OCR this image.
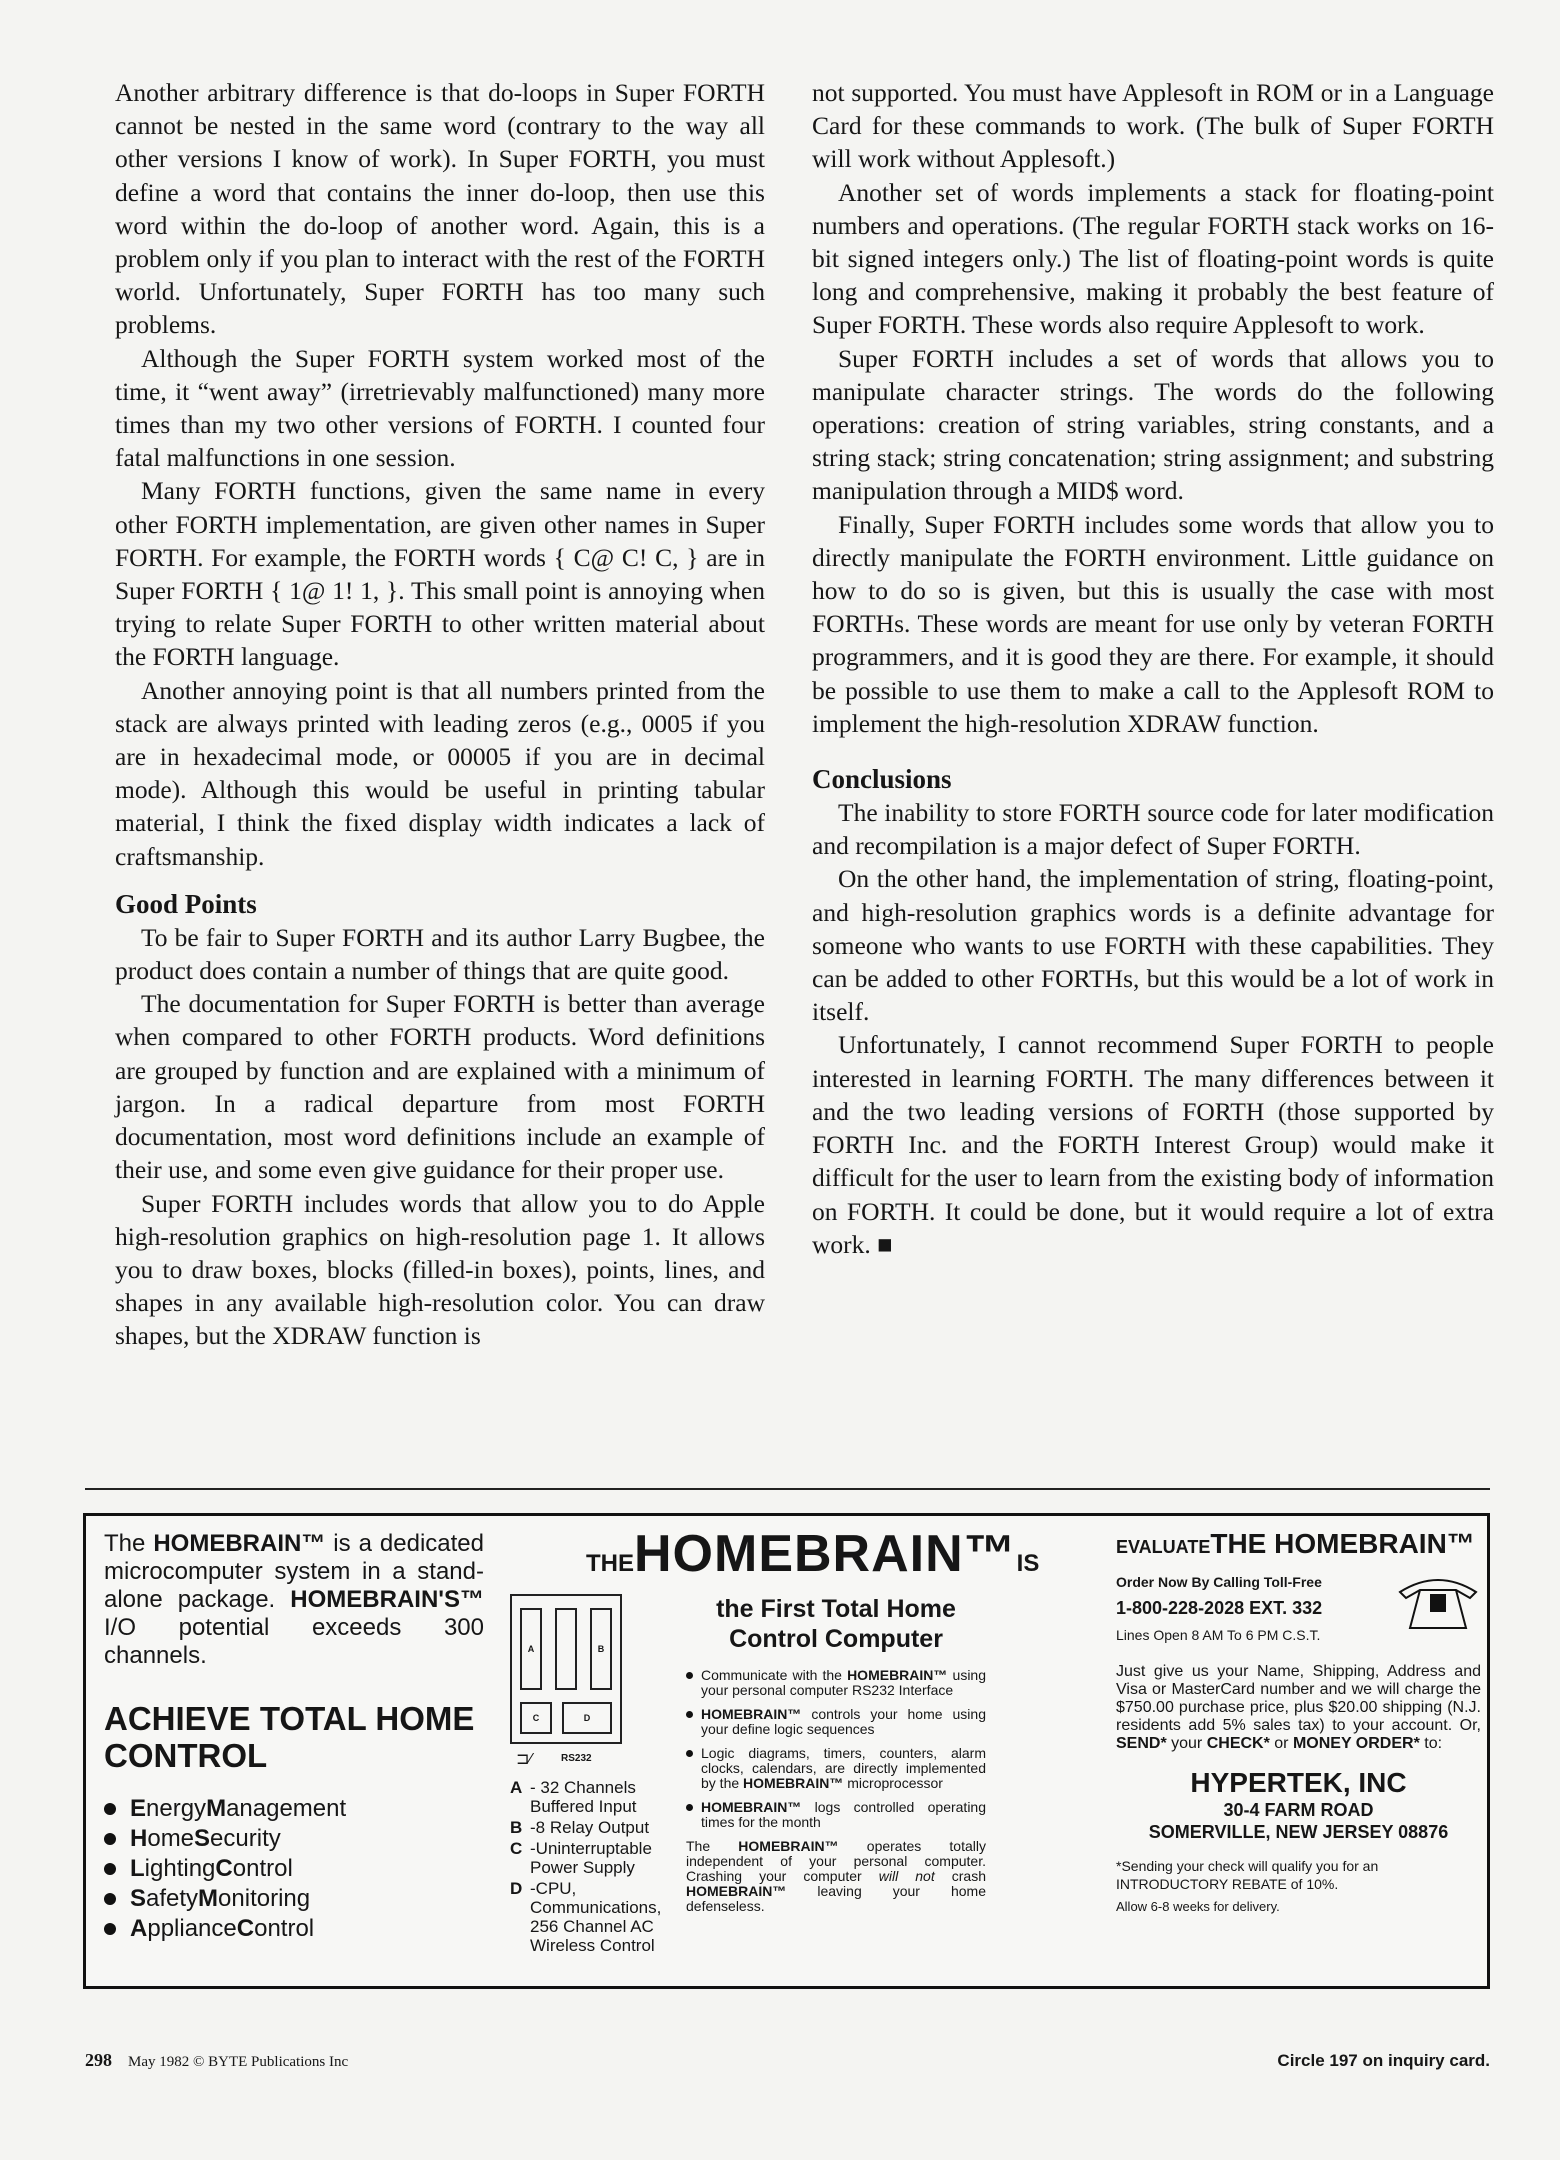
Another arbitrary difference is that do-loops in Super FORTH cannot be nested in the same word (contrary to the way all other versions I know of work). In Super FORTH, you must define a word that contains the inner do-loop, then use this word within the do-loop of another word. Again, this is a problem only if you plan to interact with the rest of the FORTH world. Unfortunately, Super FORTH has too many such problems.

Although the Super FORTH system worked most of the time, it “went away” (irretrievably malfunctioned) many more times than my two other versions of FORTH. I counted four fatal malfunctions in one session.

Many FORTH functions, given the same name in every other FORTH implementation, are given other names in Super FORTH. For example, the FORTH words { C@ C! C, } are in Super FORTH { 1@ 1! 1, }. This small point is annoying when trying to relate Super FORTH to other written material about the FORTH language.

Another annoying point is that all numbers printed from the stack are always printed with leading zeros (e.g., 0005 if you are in hexadecimal mode, or 00005 if you are in decimal mode). Although this would be useful in printing tabular material, I think the fixed display width indicates a lack of craftsmanship.

Good Points

To be fair to Super FORTH and its author Larry Bugbee, the product does contain a number of things that are quite good.

The documentation for Super FORTH is better than average when compared to other FORTH products. Word definitions are grouped by function and are explained with a minimum of jargon. In a radical departure from most FORTH documentation, most word definitions include an example of their use, and some even give guidance for their proper use.

Super FORTH includes words that allow you to do Apple high-resolution graphics on high-resolution page 1. It allows you to draw boxes, blocks (filled-in boxes), points, lines, and shapes in any available high-resolution color. You can draw shapes, but the XDRAW function is

not supported. You must have Applesoft in ROM or in a Language Card for these commands to work. (The bulk of Super FORTH will work without Applesoft.)

Another set of words implements a stack for floating-point numbers and operations. (The regular FORTH stack works on 16-bit signed integers only.) The list of floating-point words is quite long and comprehensive, making it probably the best feature of Super FORTH. These words also require Applesoft to work.

Super FORTH includes a set of words that allows you to manipulate character strings. The words do the following operations: creation of string variables, string constants, and a string stack; string concatenation; string assignment; and substring manipulation through a MID$ word.

Finally, Super FORTH includes some words that allow you to directly manipulate the FORTH environment. Little guidance on how to do so is given, but this is usually the case with most FORTHs. These words are meant for use only by veteran FORTH programmers, and it is good they are there. For example, it should be possible to use them to make a call to the Applesoft ROM to implement the high-resolution XDRAW function.

Conclusions

The inability to store FORTH source code for later modification and recompilation is a major defect of Super FORTH.

On the other hand, the implementation of string, floating-point, and high-resolution graphics words is a definite advantage for someone who wants to use FORTH with these capabilities. They can be added to other FORTHs, but this would be a lot of work in itself.

Unfortunately, I cannot recommend Super FORTH to people interested in learning FORTH. The many differences between it and the two leading versions of FORTH (those supported by FORTH Inc. and the FORTH Interest Group) would make it difficult for the user to learn from the existing body of information on FORTH. It could be done, but it would require a lot of extra work. ■

The HOMEBRAIN™ is a dedicated microcomputer system in a stand-alone package. HOMEBRAIN'S™ I/O potential exceeds 300 channels.

ACHIEVE TOTAL HOME CONTROL
E nergy M anagement
H ome S ecurity
L ighting C ontrol
S afety M onitoring
A ppliance C ontrol
THEHOMEBRAIN™IS
A	B
C	D
⊐⁄	RS232
A - 32 Channels Buffered Input
B -8 Relay Output
C -Uninterruptable Power Supply
D -CPU, Communications, 256 Channel AC Wireless Control
the First Total Home Control Computer
Communicate with the HOMEBRAIN™ using your personal computer RS232 Interface
HOMEBRAIN™ controls your home using your define logic sequences
Logic diagrams, timers, counters, alarm clocks, calendars, are directly implemented by the HOMEBRAIN™ microprocessor
HOMEBRAIN™ logs controlled operating times for the month

The HOMEBRAIN™ operates totally independent of your personal computer. Crashing your computer will not crash HOMEBRAIN™ leaving your home defenseless.

EVALUATETHE HOMEBRAIN™
Order Now By Calling Toll-Free
1-800-228-2028 EXT. 332
Lines Open 8 AM To 6 PM C.S.T.

Just give us your Name, Shipping, Address and Visa or MasterCard number and we will charge the $750.00 purchase price, plus $20.00 shipping (N.J. residents add 5% sales tax) to your account. Or, SEND* your CHECK* or MONEY ORDER* to:

HYPERTEK, INC
30-4 FARM ROAD
SOMERVILLE, NEW JERSEY 08876

*Sending your check will qualify you for an INTRODUCTORY REBATE of 10%.

Allow 6-8 weeks for delivery.

298 May 1982 © BYTE Publications Inc	Circle 197 on inquiry card.
